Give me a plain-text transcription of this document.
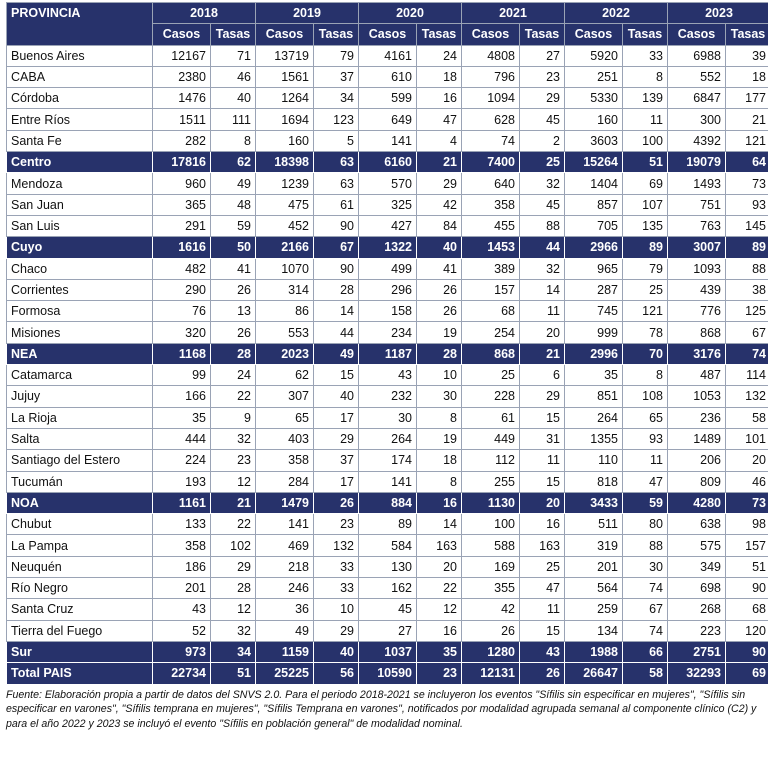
PROVINCIA	2018		2019		2020		2021		2022		2023	
	Casos	Tasas	Casos	Tasas	Casos	Tasas	Casos	Tasas	Casos	Tasas	Casos	Tasas
Buenos Aires	12167	71	13719	79	4161	24	4808	27	5920	33	6988	39
CABA	2380	46	1561	37	610	18	796	23	251	8	552	18
Córdoba	1476	40	1264	34	599	16	1094	29	5330	139	6847	177
Entre Ríos	1511	111	1694	123	649	47	628	45	160	11	300	21
Santa Fe	282	8	160	5	141	4	74	2	3603	100	4392	121
Centro	17816	62	18398	63	6160	21	7400	25	15264	51	19079	64
Mendoza	960	49	1239	63	570	29	640	32	1404	69	1493	73
San Juan	365	48	475	61	325	42	358	45	857	107	751	93
San Luis	291	59	452	90	427	84	455	88	705	135	763	145
Cuyo	1616	50	2166	67	1322	40	1453	44	2966	89	3007	89
Chaco	482	41	1070	90	499	41	389	32	965	79	1093	88
Corrientes	290	26	314	28	296	26	157	14	287	25	439	38
Formosa	76	13	86	14	158	26	68	11	745	121	776	125
Misiones	320	26	553	44	234	19	254	20	999	78	868	67
NEA	1168	28	2023	49	1187	28	868	21	2996	70	3176	74
Catamarca	99	24	62	15	43	10	25	6	35	8	487	114
Jujuy	166	22	307	40	232	30	228	29	851	108	1053	132
La Rioja	35	9	65	17	30	8	61	15	264	65	236	58
Salta	444	32	403	29	264	19	449	31	1355	93	1489	101
Santiago del Estero	224	23	358	37	174	18	112	11	110	11	206	20
Tucumán	193	12	284	17	141	8	255	15	818	47	809	46
NOA	1161	21	1479	26	884	16	1130	20	3433	59	4280	73
Chubut	133	22	141	23	89	14	100	16	511	80	638	98
La Pampa	358	102	469	132	584	163	588	163	319	88	575	157
Neuquén	186	29	218	33	130	20	169	25	201	30	349	51
Río Negro	201	28	246	33	162	22	355	47	564	74	698	90
Santa Cruz	43	12	36	10	45	12	42	11	259	67	268	68
Tierra del Fuego	52	32	49	29	27	16	26	15	134	74	223	120
Sur	973	34	1159	40	1037	35	1280	43	1988	66	2751	90
Total PAIS	22734	51	25225	56	10590	23	12131	26	26647	58	32293	69
Fuente: Elaboración propia a partir de datos del SNVS 2.0. Para el periodo 2018-2021 se incluyeron los eventos "Sífilis sin especificar en mujeres", "Sífilis sin especificar en varones", "Sífilis temprana en mujeres", "Sífilis Temprana en varones", notificados por modalidad agrupada semanal al componente clínico (C2) y para el año 2022 y 2023 se incluyó el evento "Sífilis en población general" de modalidad nominal.
